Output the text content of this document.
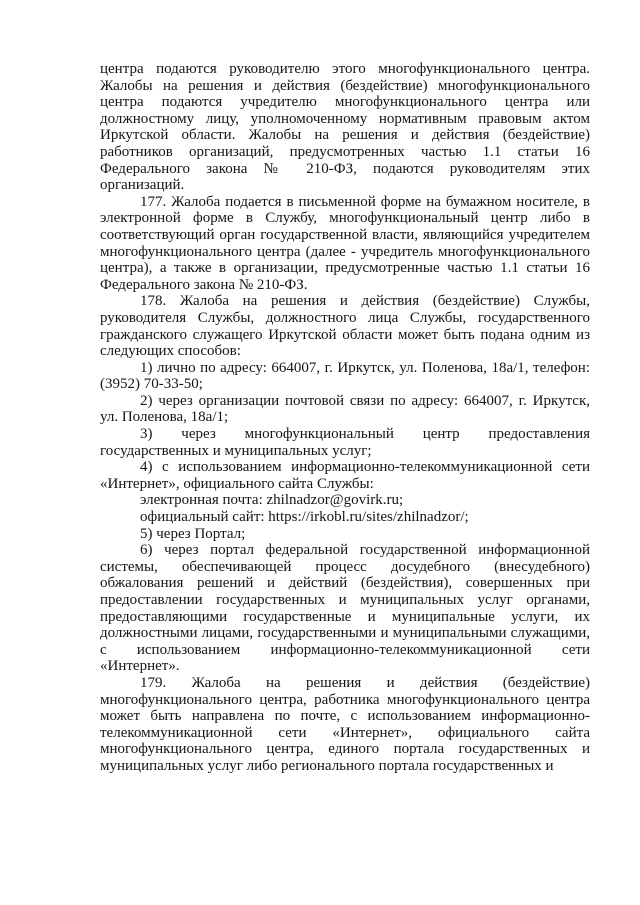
центра подаются руководителю этого многофункционального центра. Жалобы на решения и действия (бездействие) многофункционального центра подаются учредителю многофункционального центра или должностному лицу, уполномоченному нормативным правовым актом Иркутской области. Жалобы на решения и действия (бездействие) работников организаций, предусмотренных частью 1.1 статьи 16 Федерального закона № 210-ФЗ, подаются руководителям этих организаций.

177. Жалоба подается в письменной форме на бумажном носителе, в электронной форме в Службу, многофункциональный центр либо в соответствующий орган государственной власти, являющийся учредителем многофункционального центра (далее - учредитель многофункционального центра), а также в организации, предусмотренные частью 1.1 статьи 16 Федерального закона № 210-ФЗ.

178. Жалоба на решения и действия (бездействие) Службы, руководителя Службы, должностного лица Службы, государственного гражданского служащего Иркутской области может быть подана одним из следующих способов:

1) лично по адресу: 664007, г. Иркутск, ул. Поленова, 18а/1, телефон: (3952) 70-33-50;

2) через организации почтовой связи по адресу: 664007, г. Иркутск, ул. Поленова, 18а/1;

3) через многофункциональный центр предоставления государственных и муниципальных услуг;

4) с использованием информационно-телекоммуникационной сети «Интернет», официального сайта Службы:

электронная почта: zhilnadzor@govirk.ru;

официальный сайт: https://irkobl.ru/sites/zhilnadzor/;

5) через Портал;

6) через портал федеральной государственной информационной системы, обеспечивающей процесс досудебного (внесудебного) обжалования решений и действий (бездействия), совершенных при предоставлении государственных и муниципальных услуг органами, предоставляющими государственные и муниципальные услуги, их должностными лицами, государственными и муниципальными служащими, с использованием информационно-телекоммуникационной сети «Интернет».

179. Жалоба на решения и действия (бездействие) многофункционального центра, работника многофункционального центра может быть направлена по почте, с использованием информационно-телекоммуникационной сети «Интернет», официального сайта многофункционального центра, единого портала государственных и муниципальных услуг либо регионального портала государственных и
